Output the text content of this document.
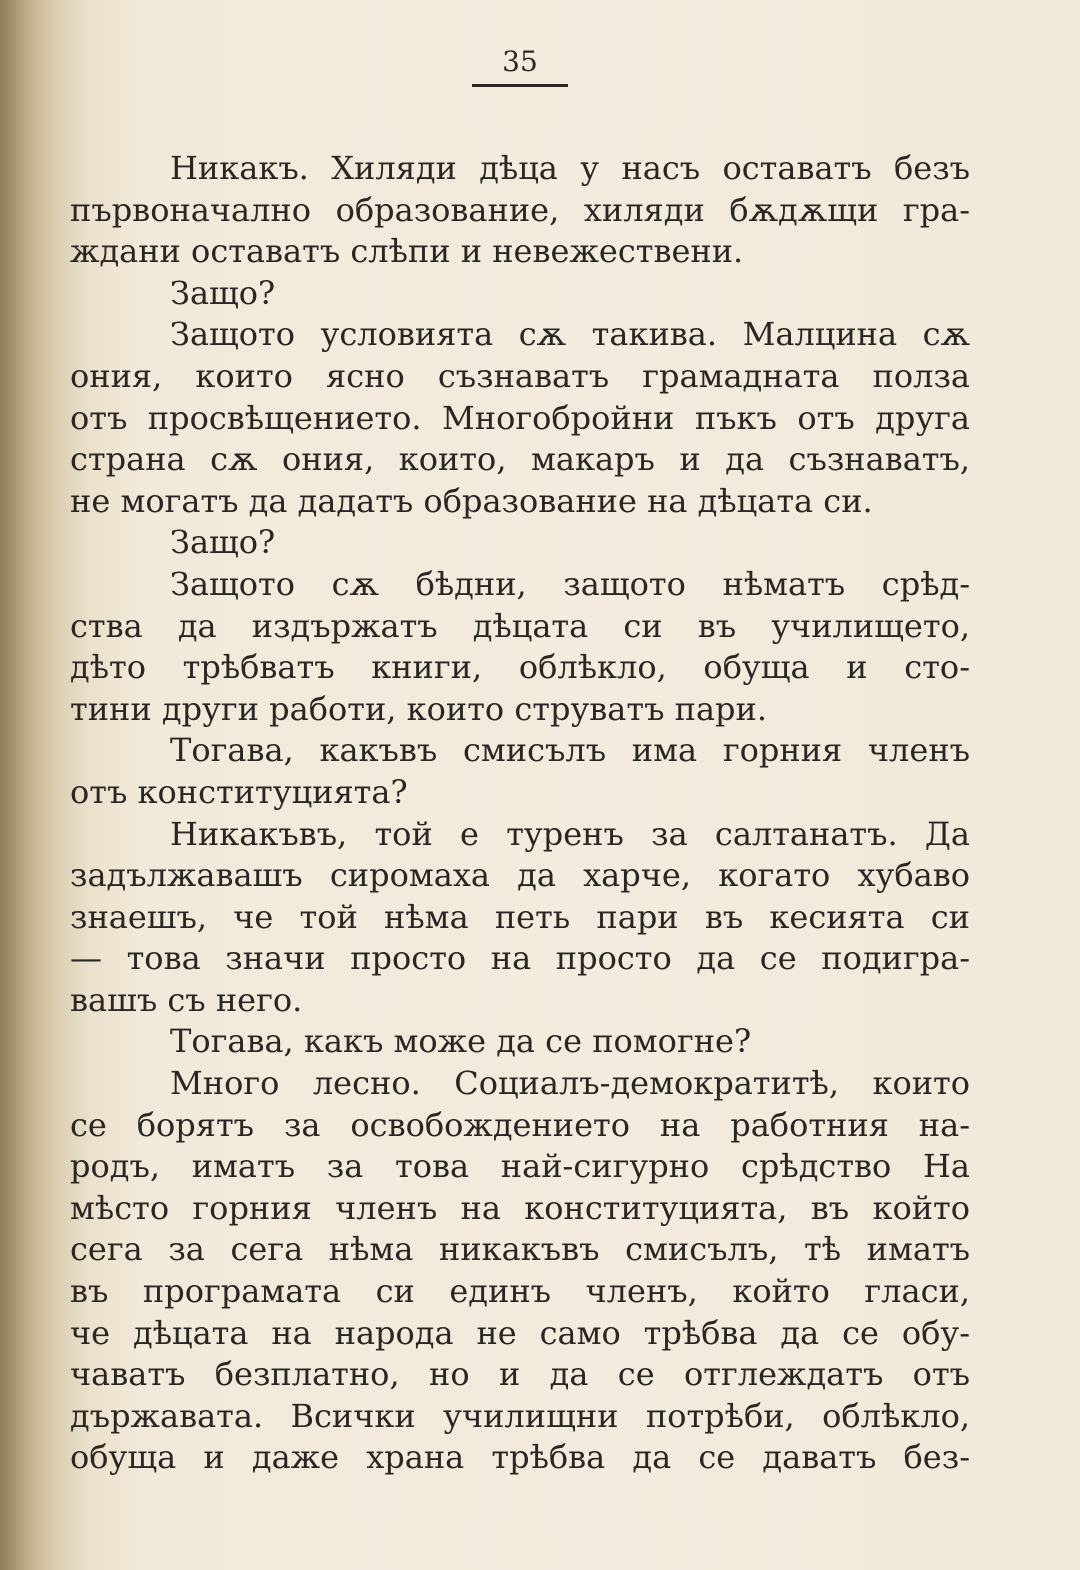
35
Никакъ. Хиляди дѣца у насъ оставатъ безъ
първоначално образование, хиляди бѫдѫщи гра-
ждани оставатъ слѣпи и невежествени.
Защо?
Защото условията сѫ такива. Малцина сѫ
ония, които ясно съзнаватъ грамадната полза
отъ просвѣщението. Многобройни пъкъ отъ друга
страна сѫ ония, които, макаръ и да съзнаватъ,
не могатъ да дадатъ образование на дѣцата си.
Защо?
Защото сѫ бѣдни, защото нѣматъ срѣд-
ства да издържатъ дѣцата си въ училището,
дѣто трѣбватъ книги, облѣкло, обуща и сто-
тини други работи, които струватъ пари.
Тогава, какъвъ смисълъ има горния членъ
отъ конституцията?
Никакъвъ, той е туренъ за салтанатъ. Да
задължавашъ сиромаха да харче, когато хубаво
знаешъ, че той нѣма петь пари въ кесията си
— това значи просто на просто да се подигра-
вашъ съ него.
Тогава, какъ може да се помогне?
Много лесно. Социалъ-демократитѣ, които
се борятъ за освобождението на работния на-
родъ, иматъ за това най-сигурно срѣдство На
мѣсто горния членъ на конституцията, въ който
сега за сега нѣма никакъвъ смисълъ, тѣ иматъ
въ програмата си единъ членъ, който гласи,
че дѣцата на народа не само трѣбва да се обу-
чаватъ безплатно, но и да се отглеждатъ отъ
държавата. Всички училищни потрѣби, облѣкло,
обуща и даже храна трѣбва да се даватъ без-
